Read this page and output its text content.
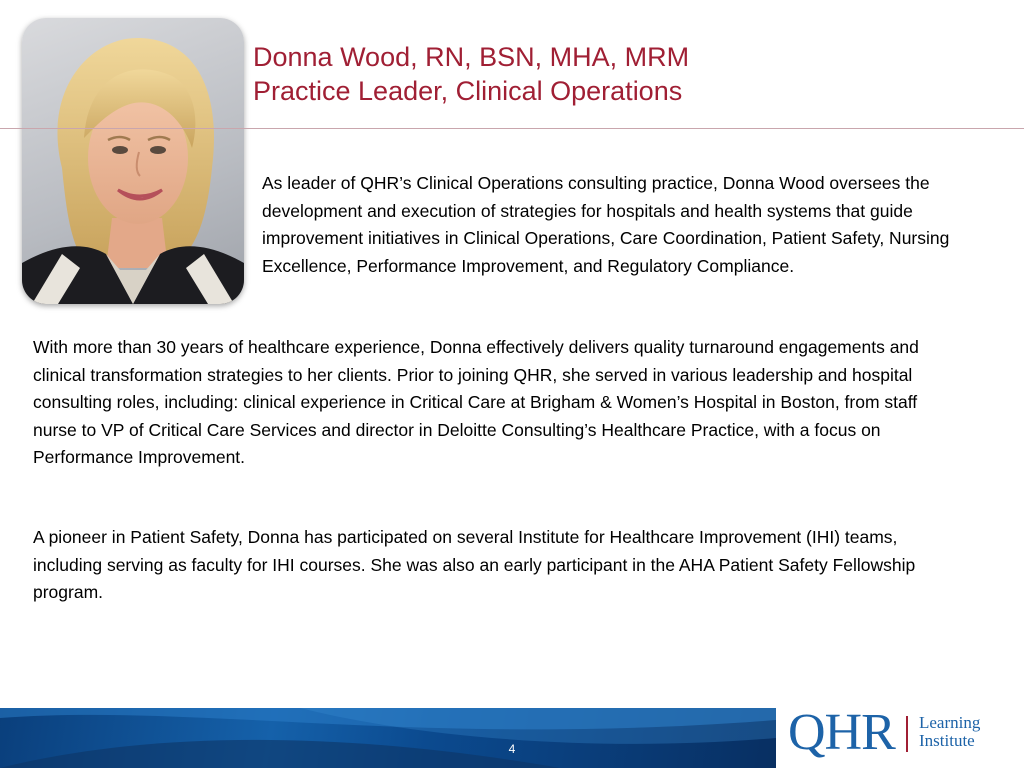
Donna Wood, RN, BSN, MHA, MRM
Practice Leader, Clinical Operations

As leader of QHR’s Clinical Operations consulting practice, Donna Wood oversees the development and execution of strategies for hospitals and health systems that guide improvement initiatives in Clinical Operations, Care Coordination, Patient Safety, Nursing Excellence, Performance Improvement, and Regulatory Compliance.

With more than 30 years of healthcare experience, Donna effectively delivers quality turnaround engagements and clinical transformation strategies to her clients. Prior to joining QHR, she served in various leadership and hospital consulting roles, including: clinical experience in Critical Care at Brigham & Women’s Hospital in Boston, from staff nurse to VP of Critical Care Services and director in Deloitte Consulting’s Healthcare Practice, with a focus on Performance Improvement.

A pioneer in Patient Safety, Donna has participated on several Institute for Healthcare Improvement (IHI) teams, including serving as faculty for IHI courses. She was also an early participant in the AHA Patient Safety Fellowship program.

4	QHR Learning
Institute
